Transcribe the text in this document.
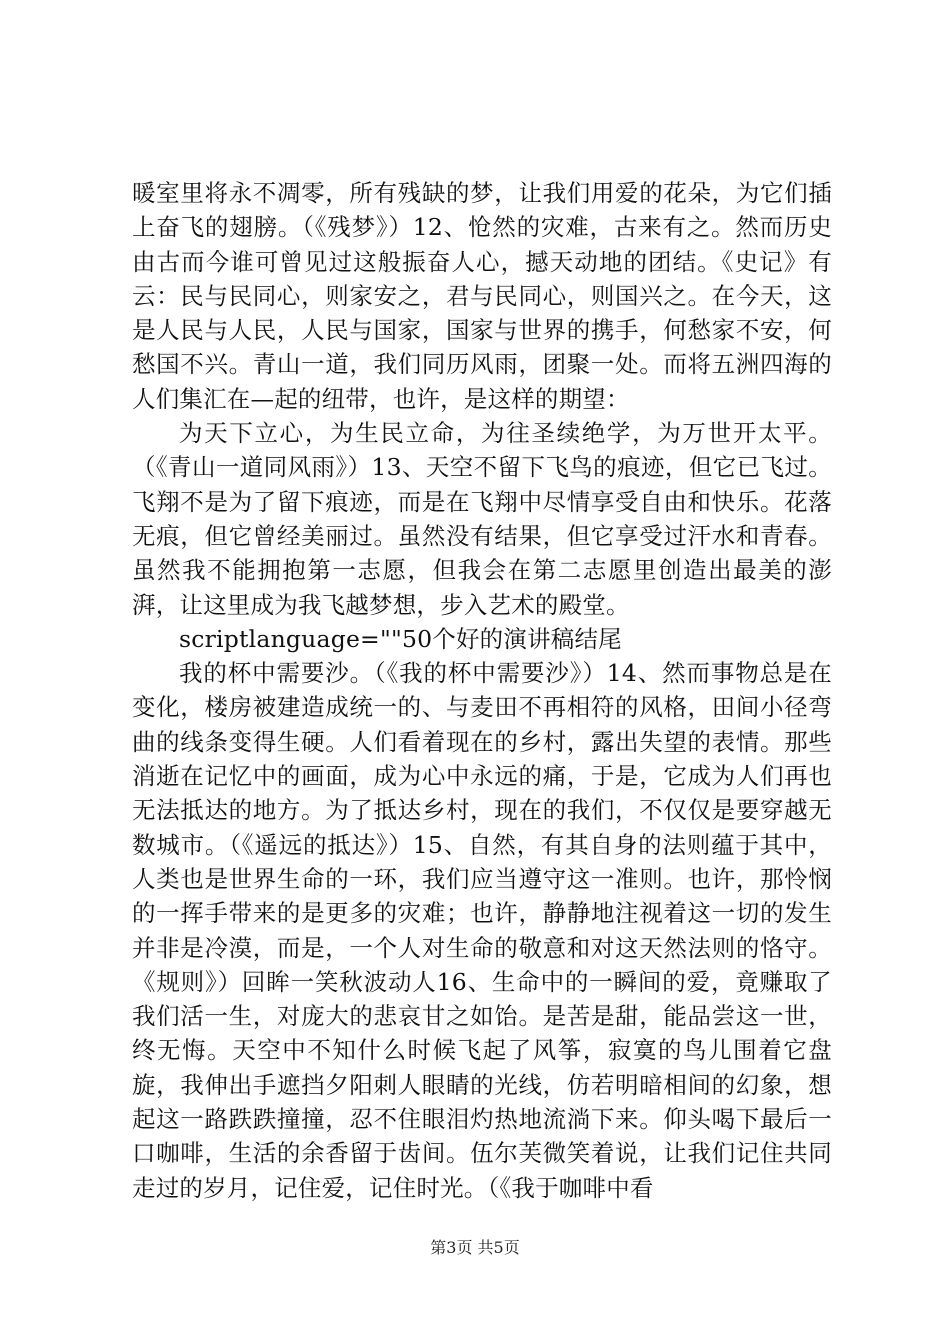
暖室里将永不凋零，所有残缺的梦，让我们用爱的花朵，为它们插上奋飞的翅膀。（《残梦》）12、怆然的灾难，古来有之。然而历史由古而今谁可曾见过这般振奋人心，撼天动地的团结。《史记》有云：民与民同心，则家安之，君与民同心，则国兴之。在今天，这是人民与人民，人民与国家，国家与世界的携手，何愁家不安，何愁国不兴。青山一道，我们同历风雨，团聚一处。而将五洲四海的人们集汇在—起的纽带，也许，是这样的期望：

为天下立心，为生民立命，为往圣续绝学，为万世开太平。（《青山一道同风雨》）13、天空不留下飞鸟的痕迹，但它已飞过。飞翔不是为了留下痕迹，而是在飞翔中尽情享受自由和快乐。花落无痕，但它曾经美丽过。虽然没有结果，但它享受过汗水和青春。虽然我不能拥抱第一志愿，但我会在第二志愿里创造出最美的澎湃，让这里成为我飞越梦想，步入艺术的殿堂。

scriptlanguage=""50个好的演讲稿结尾

我的杯中需要沙。（《我的杯中需要沙》）14、然而事物总是在变化，楼房被建造成统一的、与麦田不再相符的风格，田间小径弯曲的线条变得生硬。人们看着现在的乡村，露出失望的表情。那些消逝在记忆中的画面，成为心中永远的痛，于是，它成为人们再也无法抵达的地方。为了抵达乡村，现在的我们，不仅仅是要穿越无数城市。（《遥远的抵达》）15、自然，有其自身的法则蕴于其中，人类也是世界生命的一环，我们应当遵守这一准则。也许，那怜悯的一挥手带来的是更多的灾难；也许，静静地注视着这一切的发生并非是冷漠，而是，一个人对生命的敬意和对这天然法则的恪守。《规则》）回眸一笑秋波动人16、生命中的一瞬间的爱，竟赚取了我们活一生，对庞大的悲哀甘之如饴。是苦是甜，能品尝这一世，终无悔。天空中不知什么时候飞起了风筝，寂寞的鸟儿围着它盘旋，我伸出手遮挡夕阳刺人眼睛的光线，仿若明暗相间的幻象，想起这一路跌跌撞撞，忍不住眼泪灼热地流淌下来。仰头喝下最后一口咖啡，生活的余香留于齿间。伍尔芙微笑着说，让我们记住共同走过的岁月，记住爱，记住时光。（《我于咖啡中看

第3页 共5页
